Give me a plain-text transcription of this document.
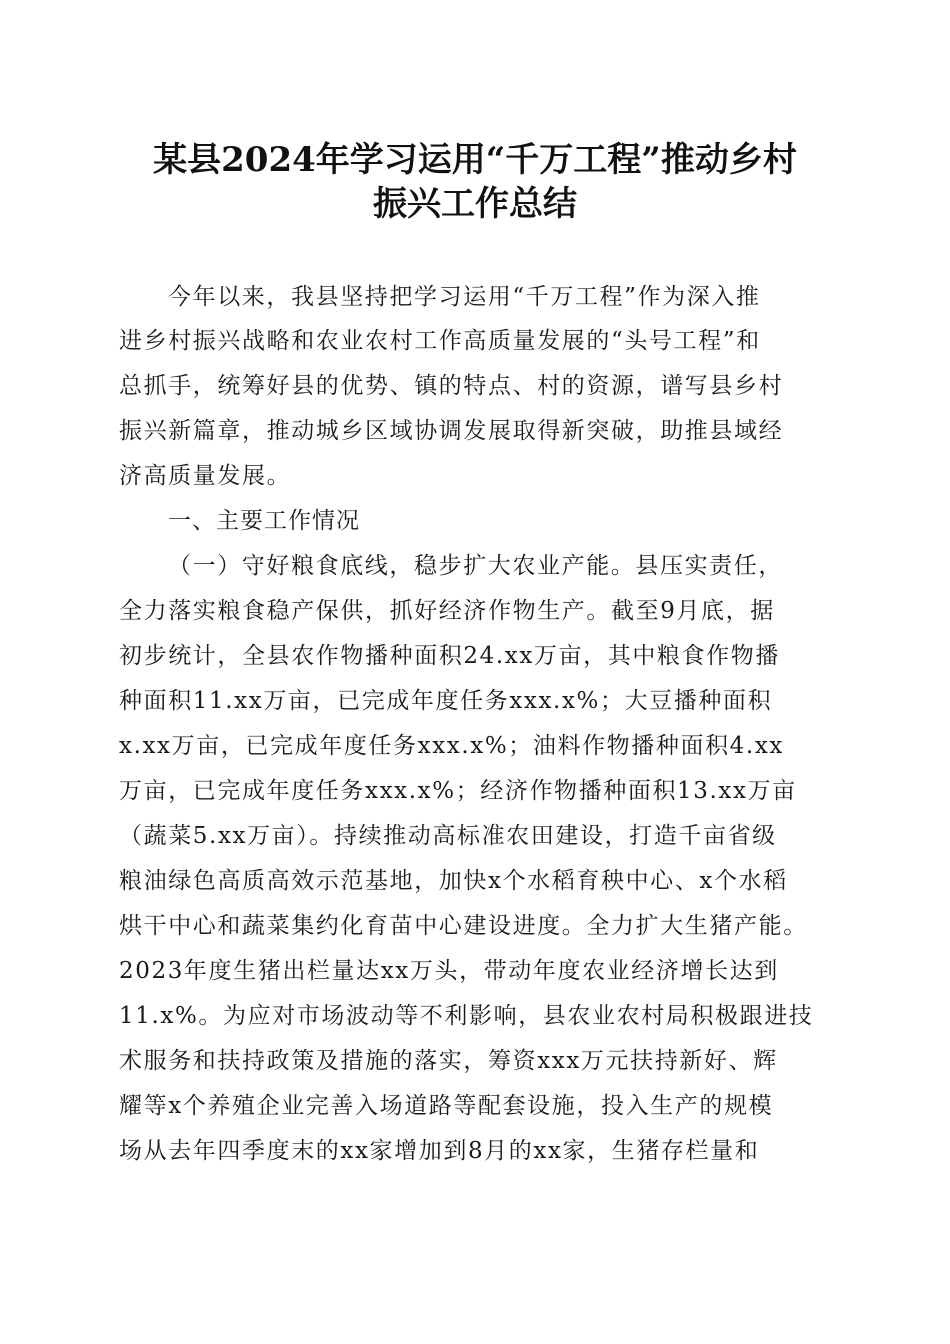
某县2024年学习运用“千万工程”推动乡村
振兴工作总结
今年以来，我县坚持把学习运用“千万工程”作为深入推
进乡村振兴战略和农业农村工作高质量发展的“头号工程”和
总抓手，统筹好县的优势、镇的特点、村的资源，谱写县乡村
振兴新篇章，推动城乡区域协调发展取得新突破，助推县域经
济高质量发展。
一、主要工作情况
（一）守好粮食底线，稳步扩大农业产能。县压实责任，
全力落实粮食稳产保供，抓好经济作物生产。截至9月底，据
初步统计，全县农作物播种面积24.xx万亩，其中粮食作物播
种面积11.xx万亩，已完成年度任务xxx.x%；大豆播种面积
x.xx万亩，已完成年度任务xxx.x%；油料作物播种面积4.xx
万亩，已完成年度任务xxx.x%；经济作物播种面积13.xx万亩
（蔬菜5.xx万亩）。持续推动高标准农田建设，打造千亩省级
粮油绿色高质高效示范基地，加快x个水稻育秧中心、x个水稻
烘干中心和蔬菜集约化育苗中心建设进度。全力扩大生猪产能。
2023年度生猪出栏量达xx万头，带动年度农业经济增长达到
11.x%。为应对市场波动等不利影响，县农业农村局积极跟进技
术服务和扶持政策及措施的落实，筹资xxx万元扶持新好、辉
耀等x个养殖企业完善入场道路等配套设施，投入生产的规模
场从去年四季度末的xx家增加到8月的xx家，生猪存栏量和
